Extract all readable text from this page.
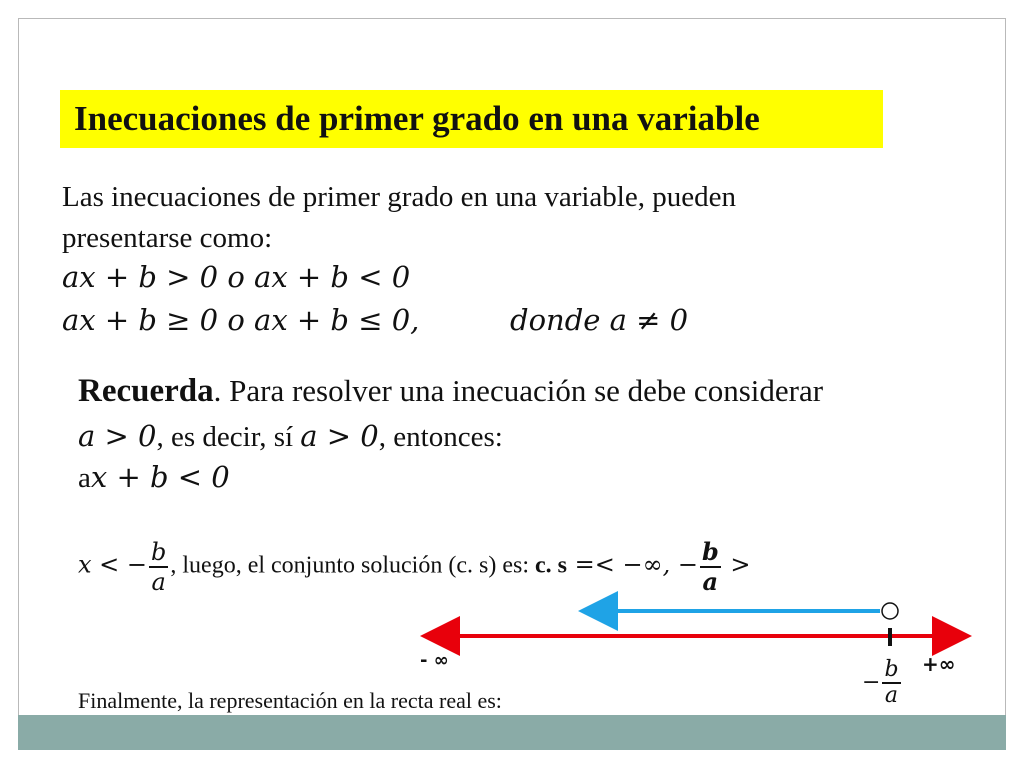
Inecuaciones de primer grado en una variable
Las inecuaciones de primer grado en una variable, pueden
presentarse como:
ax + b > 0 o ax + b < 0
ax + b ≥ 0 o ax + b ≤ 0,	donde a ≠ 0
Recuerda. Para resolver una inecuación se debe considerar
a > 0, es decir, sí a > 0, entonces:
ax + b < 0
x < − $\frac{b}{a}$ , luego, el conjunto solución (c. s) es: c. s =< −∞, − $\frac{b}{a}$ >
- ∞	+∞
− $\frac{b}{a}$
Finalmente, la representación en la recta real es:
